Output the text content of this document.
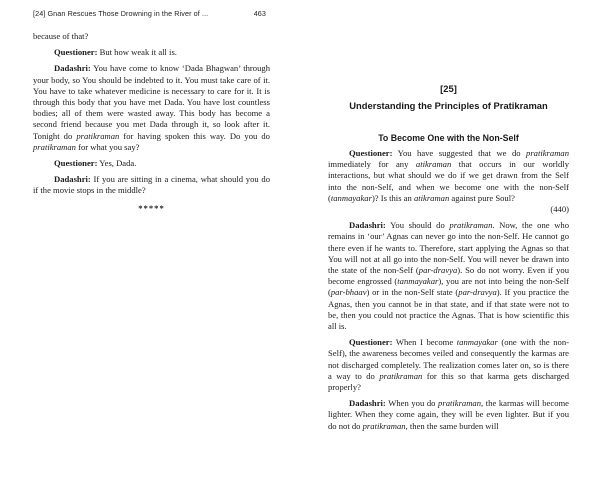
[24] Gnan Rescues Those Drowning in the River of ...	463

because of that?

Questioner: But how weak it all is.

Dadashri: You have come to know ‘Dada Bhagwan’ through your body, so You should be indebted to it. You must take care of it. You have to take whatever medicine is necessary to care for it. It is through this body that you have met Dada. You have lost countless bodies; all of them were wasted away. This body has become a second friend because you met Dada through it, so look after it. Tonight do pratikraman for having spoken this way. Do you do pratikraman for what you say?

Questioner: Yes, Dada.

Dadashri: If you are sitting in a cinema, what should you do if the movie stops in the middle?

*****
[25]
Understanding the Principles of Pratikraman
To Become One with the Non-Self

Questioner: You have suggested that we do pratikraman immediately for any atikraman that occurs in our worldly interactions, but what should we do if we get drawn from the Self into the non-Self, and when we become one with the non-Self (tanmayakar)? Is this an atikraman against pure Soul?

(440)

Dadashri: You should do pratikraman. Now, the one who remains in ‘our’ Agnas can never go into the non-Self. He cannot go there even if he wants to. Therefore, start applying the Agnas so that You will not at all go into the non-Self. You will never be drawn into the state of the non-Self (par-dravya). So do not worry. Even if you become engrossed (tanmayakar), you are not into being the non-Self (par-bhaav) or in the non-Self state (par-dravya). If you practice the Agnas, then you cannot be in that state, and if that state were not to be, then you could not practice the Agnas. That is how scientific this all is.

Questioner: When I become tanmayakar (one with the non-Self), the awareness becomes veiled and consequently the karmas are not discharged completely. The realization comes later on, so is there a way to do pratikraman for this so that karma gets discharged properly?

Dadashri: When you do pratikraman, the karmas will become lighter. When they come again, they will be even lighter. But if you do not do pratikraman, then the same burden will
